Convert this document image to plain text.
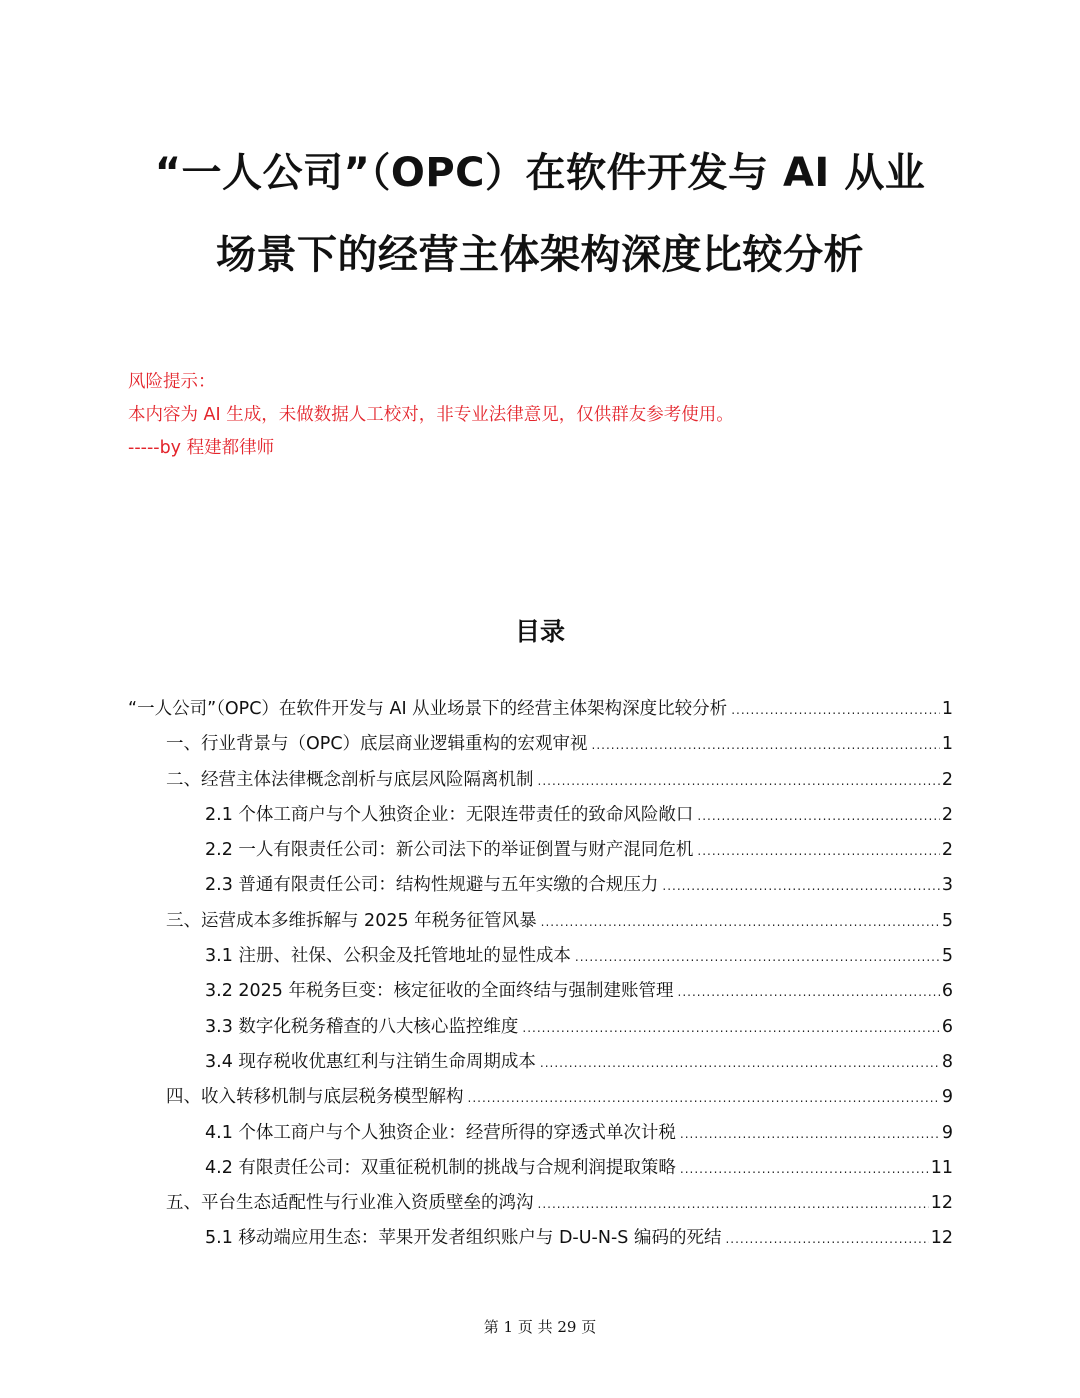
“一人公司”（OPC）在软件开发与 AI 从业
场景下的经营主体架构深度比较分析
风险提示：
本内容为 AI 生成，未做数据人工校对，非专业法律意见，仅供群友参考使用。
-----by 程建都律师
目录
“一人公司”（OPC）在软件开发与 AI 从业场景下的经营主体架构深度比较分析 .....	1
一、行业背景与（OPC）底层商业逻辑重构的宏观审视 .....	1
二、经营主体法律概念剖析与底层风险隔离机制 .....	2
2.1 个体工商户与个人独资企业：无限连带责任的致命风险敞口 .....	2
2.2 一人有限责任公司：新公司法下的举证倒置与财产混同危机 .....	2
2.3 普通有限责任公司：结构性规避与五年实缴的合规压力 .....	3
三、运营成本多维拆解与 2025 年税务征管风暴 .....	5
3.1 注册、社保、公积金及托管地址的显性成本 .....	5
3.2 2025 年税务巨变：核定征收的全面终结与强制建账管理 .....	6
3.3 数字化税务稽查的八大核心监控维度 .....	6
3.4 现存税收优惠红利与注销生命周期成本 .....	8
四、收入转移机制与底层税务模型解构 .....	9
4.1 个体工商户与个人独资企业：经营所得的穿透式单次计税 .....	9
4.2 有限责任公司：双重征税机制的挑战与合规利润提取策略 .....	11
五、平台生态适配性与行业准入资质壁垒的鸿沟 .....	12
5.1 移动端应用生态：苹果开发者组织账户与 D-U-N-S 编码的死结 .....	12
第 1 页 共 29 页
